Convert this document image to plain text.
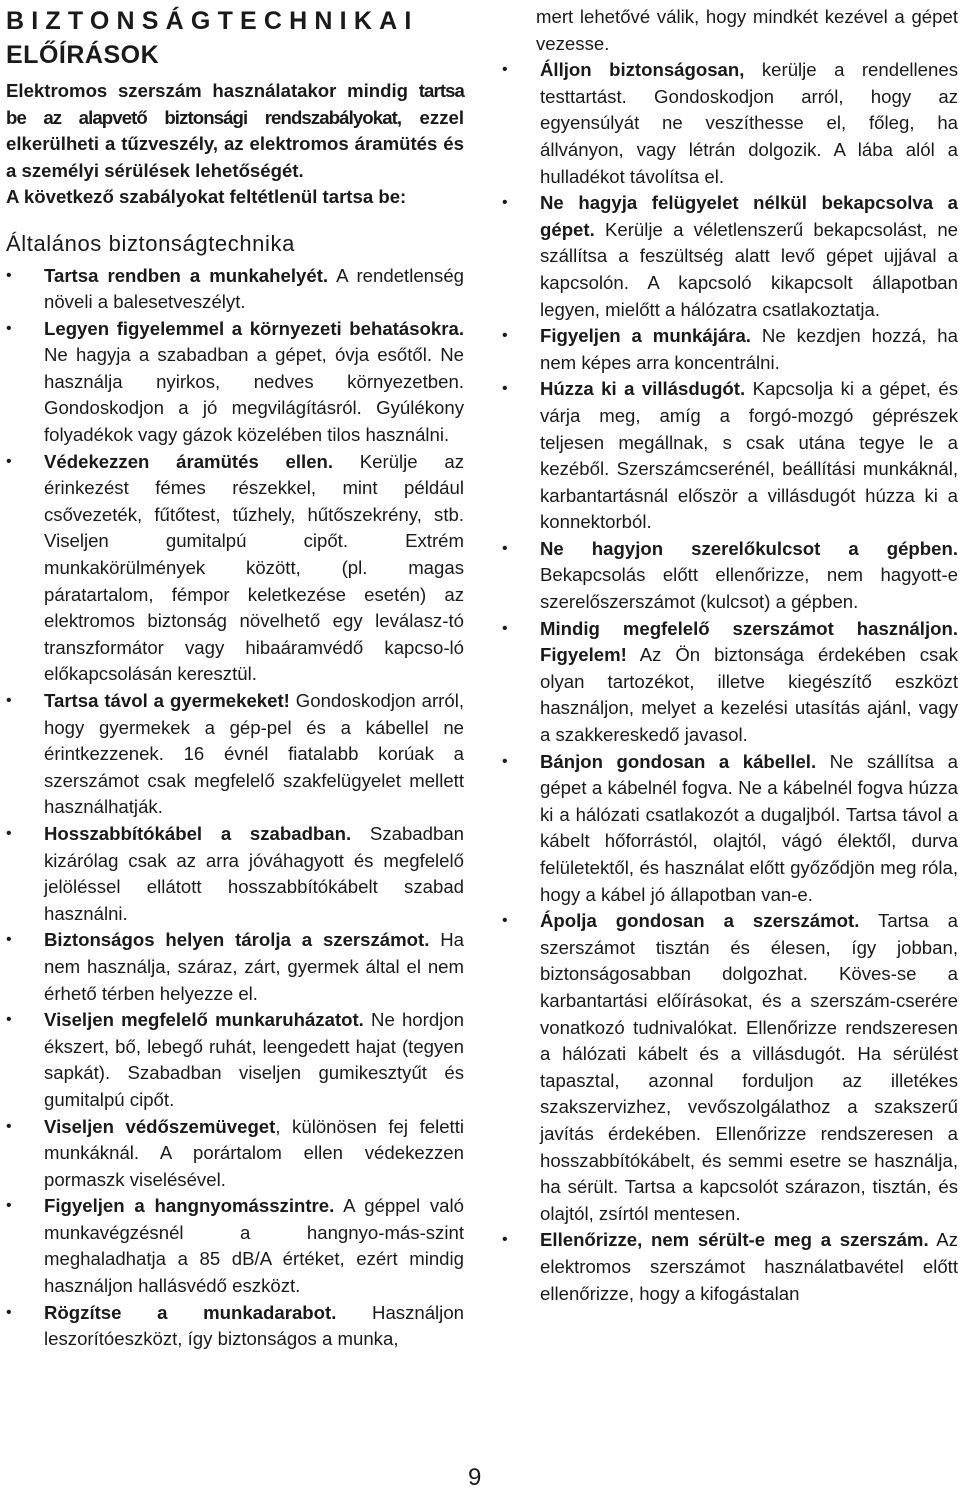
BIZTONSÁGTECHNIKAI
ELŐÍRÁSOK

Elektromos szerszám használatakor mindig tartsa be az alapvető biztonsági rendszabályokat, ezzel elkerülheti a tűzveszély, az elektromos áramütés és a személyi sérülések lehetőségét.

A következő szabályokat feltétlenül tartsa be:

Általános biztonságtechnika
•	Tartsa rendben a munkahelyét. A rendetlenség növeli a balesetveszélyt.
•	Legyen figyelemmel a környezeti behatásokra. Ne hagyja a szabadban a gépet, óvja esőtől. Ne használja nyirkos, nedves környezetben. Gondoskodjon a jó megvilágításról. Gyúlékony folyadékok vagy gázok közelében tilos használni.
•	Védekezzen áramütés ellen. Kerülje az érinkezést fémes részekkel, mint például csővezeték, fűtőtest, tűzhely, hűtőszekrény, stb. Viseljen gumitalpú cipőt. Extrém munkakörülmények között, (pl. magas páratartalom, fémpor keletkezése esetén) az elektromos biztonság növelhető egy leválasz-tó transzformátor vagy hibaáramvédő kapcso-ló előkapcsolásán keresztül.
•	Tartsa távol a gyermekeket! Gondoskodjon arról, hogy gyermekek a gép-pel és a kábellel ne érintkezzenek. 16 évnél fiatalabb korúak a szerszámot csak megfelelő szakfelügyelet mellett használhatják.
•	Hosszabbítókábel a szabadban. Szabadban kizárólag csak az arra jóváhagyott és megfelelő jelöléssel ellátott hosszabbítókábelt szabad használni.
•	Biztonságos helyen tárolja a szerszámot. Ha nem használja, száraz, zárt, gyermek által el nem érhető térben helyezze el.
•	Viseljen megfelelő munkaruházatot. Ne hordjon ékszert, bő, lebegő ruhát, leengedett hajat (tegyen sapkát). Szabadban viseljen gumikesztyűt és gumitalpú cipőt.
•	Viseljen védőszemüveget, különösen fej feletti munkáknál. A porártalom ellen védekezzen pormaszk viselésével.
•	Figyeljen a hangnyomásszintre. A géppel való munkavégzésnél a hangnyo-más-szint meghaladhatja a 85 dB/A értéket, ezért mindig használjon hallásvédő eszközt.
•	Rögzítse a munkadarabot. Használjon leszorítóeszközt, így biztonságos a munka,
mert lehetővé válik, hogy mindkét kezével a gépet vezesse.
•	Álljon biztonságosan, kerülje a rendellenes testtartást. Gondoskodjon arról, hogy az egyensúlyát ne veszíthesse el, főleg, ha állványon, vagy létrán dolgozik. A lába alól a hulladékot távolítsa el.
•	Ne hagyja felügyelet nélkül bekapcsolva a gépet. Kerülje a véletlenszerű bekapcsolást, ne szállítsa a feszültség alatt levő gépet ujjával a kapcsolón. A kapcsoló kikapcsolt állapotban legyen, mielőtt a hálózatra csatlakoztatja.
•	Figyeljen a munkájára. Ne kezdjen hozzá, ha nem képes arra koncentrálni.
•	Húzza ki a villásdugót. Kapcsolja ki a gépet, és várja meg, amíg a forgó-mozgó géprészek teljesen megállnak, s csak utána tegye le a kezéből. Szerszámcserénél, beállítási munkáknál, karbantartásnál először a villásdugót húzza ki a konnektorból.
•	Ne hagyjon szerelőkulcsot a gépben. Bekapcsolás előtt ellenőrizze, nem hagyott-e szerelőszerszámot (kulcsot) a gépben.
•	Mindig megfelelő szerszámot használjon. Figyelem! Az Ön biztonsága érdekében csak olyan tartozékot, illetve kiegészítő eszközt használjon, melyet a kezelési utasítás ajánl, vagy a szakkereskedő javasol.
•	Bánjon gondosan a kábellel. Ne szállítsa a gépet a kábelnél fogva. Ne a kábelnél fogva húzza ki a hálózati csatlakozót a dugaljból. Tartsa távol a kábelt hőforrástól, olajtól, vágó élektől, durva felületektől, és használat előtt győződjön meg róla, hogy a kábel jó állapotban van-e.
•	Ápolja gondosan a szerszámot. Tartsa a szerszámot tisztán és élesen, így jobban, biztonságosabban dolgozhat. Köves-se a karbantartási előírásokat, és a szerszám-cserére vonatkozó tudnivalókat. Ellenőrizze rendszeresen a hálózati kábelt és a villásdugót. Ha sérülést tapasztal, azonnal forduljon az illetékes szakszervizhez, vevőszolgálathoz a szakszerű javítás érdekében. Ellenőrizze rendszeresen a hosszabbítókábelt, és semmi esetre se használja, ha sérült. Tartsa a kapcsolót szárazon, tisztán, és olajtól, zsírtól mentesen.
•	Ellenőrizze, nem sérült-e meg a szerszám. Az elektromos szerszámot használatbavétel előtt ellenőrizze, hogy a kifogástalan
9
